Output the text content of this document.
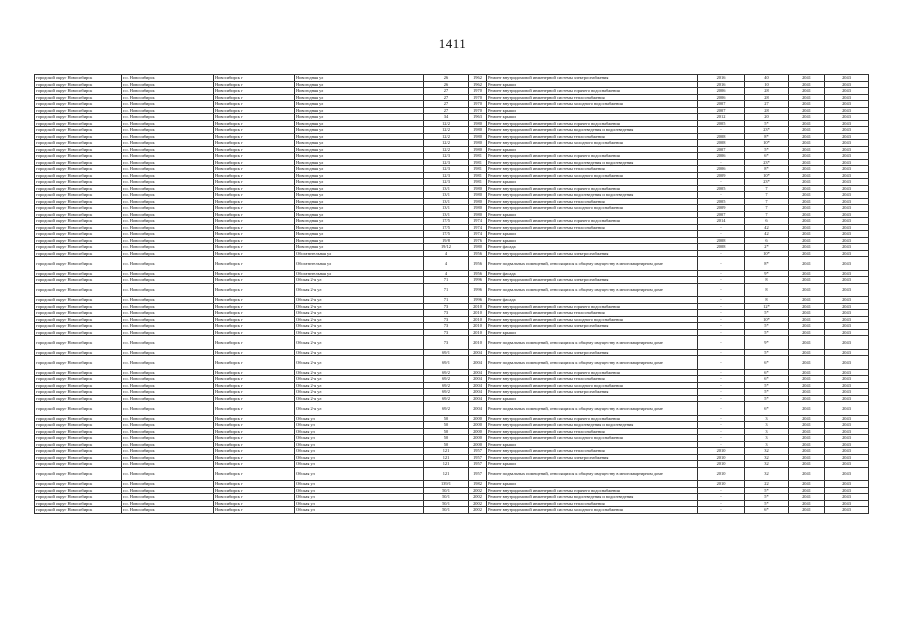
1411
городской округ Новосибирск	г.о. Новосибирск	Новосибирск г	Новогодняя ул	26	1962	Ремонт внутридомовой инженерной системы электроснабжения	2016	40	2041	2043
городской округ Новосибирск	г.о. Новосибирск	Новосибирск г	Новогодняя ул	26	1962	Ремонт крыши	2016	10	2041	2043
городской округ Новосибирск	г.о. Новосибирск	Новосибирск г	Новогодняя ул	27	1970	Ремонт внутридомовой инженерной системы горячего водоснабжения	2006	28	2041	2043
городской округ Новосибирск	г.о. Новосибирск	Новосибирск г	Новогодняя ул	27	1970	Ремонт внутридомовой инженерной системы теплоснабжения	2006	28	2041	2043
городской округ Новосибирск	г.о. Новосибирск	Новосибирск г	Новогодняя ул	27	1970	Ремонт внутридомовой инженерной системы холодного водоснабжения	2007	27	2041	2043
городской округ Новосибирск	г.о. Новосибирск	Новосибирск г	Новогодняя ул	27	1970	Ремонт крыши	2007	28	2041	2043
городской округ Новосибирск	г.о. Новосибирск	Новосибирск г	Новогодняя ул	34	1963	Ремонт крыши	2012	20	2041	2043
городской округ Новосибирск	г.о. Новосибирск	Новосибирск г	Новогодняя ул	12/2	1980	Ремонт внутридомовой инженерной системы горячего водоснабжения	2005	5*	2041	2043
городской округ Новосибирск	г.о. Новосибирск	Новосибирск г	Новогодняя ул	12/2	1980	Ремонт внутридомовой инженерной системы водоотведения и водоотведения	-	23*	2041	2043
городской округ Новосибирск	г.о. Новосибирск	Новосибирск г	Новогодняя ул	12/2	1980	Ремонт внутридомовой инженерной системы теплоснабжения	2008	8*	2041	2043
городской округ Новосибирск	г.о. Новосибирск	Новосибирск г	Новогодняя ул	12/2	1980	Ремонт внутридомовой инженерной системы холодного водоснабжения	2008	10*	2041	2043
городской округ Новосибирск	г.о. Новосибирск	Новосибирск г	Новогодняя ул	12/2	1980	Ремонт крыши	2007	5*	2041	2043
городской округ Новосибирск	г.о. Новосибирск	Новосибирск г	Новогодняя ул	12/3	1981	Ремонт внутридомовой инженерной системы горячего водоснабжения	2006	6*	2041	2043
городской округ Новосибирск	г.о. Новосибирск	Новосибирск г	Новогодняя ул	12/3	1981	Ремонт внутридомовой инженерной системы водоотведения и водоотведения	-	23*	2041	2043
городской округ Новосибирск	г.о. Новосибирск	Новосибирск г	Новогодняя ул	12/3	1981	Ремонт внутридомовой инженерной системы теплоснабжения	2006	8*	2041	2043
городской округ Новосибирск	г.о. Новосибирск	Новосибирск г	Новогодняя ул	12/3	1981	Ремонт внутридомовой инженерной системы холодного водоснабжения	2009	10*	2041	2043
городской округ Новосибирск	г.о. Новосибирск	Новосибирск г	Новогодняя ул	12/3	1981	Ремонт крыши	-	23*	2041	2043
городской округ Новосибирск	г.о. Новосибирск	Новосибирск г	Новогодняя ул	13/1	1980	Ремонт внутридомовой инженерной системы горячего водоснабжения	2005	7	2041	2043
городской округ Новосибирск	г.о. Новосибирск	Новосибирск г	Новогодняя ул	13/1	1980	Ремонт внутридомовой инженерной системы водоотведения и водоотведения	-	7	2041	2043
городской округ Новосибирск	г.о. Новосибирск	Новосибирск г	Новогодняя ул	13/1	1980	Ремонт внутридомовой инженерной системы теплоснабжения	2005	7	2041	2043
городской округ Новосибирск	г.о. Новосибирск	Новосибирск г	Новогодняя ул	13/1	1980	Ремонт внутридомовой инженерной системы холодного водоснабжения	2009	7	2041	2043
городской округ Новосибирск	г.о. Новосибирск	Новосибирск г	Новогодняя ул	13/1	1980	Ремонт крыши	2007	7	2041	2043
городской округ Новосибирск	г.о. Новосибирск	Новосибирск г	Новогодняя ул	17/5	1974	Ремонт внутридомовой инженерной системы горячего водоснабжения	2014	6	2041	2043
городской округ Новосибирск	г.о. Новосибирск	Новосибирск г	Новогодняя ул	17/5	1974	Ремонт внутридомовой инженерной системы теплоснабжения	-	42	2041	2043
городской округ Новосибирск	г.о. Новосибирск	Новосибирск г	Новогодняя ул	17/5	1974	Ремонт крыши	-	42	2041	2043
городской округ Новосибирск	г.о. Новосибирск	Новосибирск г	Новогодняя ул	19/8	1976	Ремонт крыши	2008	6	2041	2043
городской округ Новосибирск	г.о. Новосибирск	Новосибирск г	Новогодняя ул	19/12	1980	Ремонт фасада	2008	2*	2041	2043
городской округ Новосибирск	г.о. Новосибирск	Новосибирск г	Обогатительная ул	4	1956	Ремонт внутридомовой инженерной системы электроснабжения	-	10*	2041	2043
городской округ Новосибирск	г.о. Новосибирск	Новосибирск г	Обогатительная ул	4	1956	Ремонт подвальных помещений, относящихся к общему имуществу в многоквартирном доме	-	8*	2041	2043
городской округ Новосибирск	г.о. Новосибирск	Новосибирск г	Обогатительная ул	4	1956	Ремонт фасада	-	9*	2041	2043
городской округ Новосибирск	г.о. Новосибирск	Новосибирск г	Обская 2-я ул	71	1996	Ремонт внутридомовой инженерной системы электроснабжения	-	8	2041	2043
городской округ Новосибирск	г.о. Новосибирск	Новосибирск г	Обская 2-я ул	71	1996	Ремонт подвальных помещений, относящихся к общему имуществу в многоквартирном доме	-	8	2041	2043
городской округ Новосибирск	г.о. Новосибирск	Новосибирск г	Обская 2-я ул	71	1996	Ремонт фасада	-	8	2041	2043
городской округ Новосибирск	г.о. Новосибирск	Новосибирск г	Обская 2-я ул	73	2010	Ремонт внутридомовой инженерной системы горячего водоснабжения	-	12*	2041	2043
городской округ Новосибирск	г.о. Новосибирск	Новосибирск г	Обская 2-я ул	73	2010	Ремонт внутридомовой инженерной системы теплоснабжения	-	5*	2041	2043
городской округ Новосибирск	г.о. Новосибирск	Новосибирск г	Обская 2-я ул	73	2010	Ремонт внутридомовой инженерной системы холодного водоснабжения	-	10*	2041	2043
городской округ Новосибирск	г.о. Новосибирск	Новосибирск г	Обская 2-я ул	73	2010	Ремонт внутридомовой инженерной системы электроснабжения	-	5*	2041	2043
городской округ Новосибирск	г.о. Новосибирск	Новосибирск г	Обская 2-я ул	73	2010	Ремонт крыши	-	5*	2041	2043
городской округ Новосибирск	г.о. Новосибирск	Новосибирск г	Обская 2-я ул	73	2010	Ремонт подвальных помещений, относящихся к общему имуществу в многоквартирном доме	-	9*	2041	2043
городской округ Новосибирск	г.о. Новосибирск	Новосибирск г	Обская 2-я ул	69/1	2004	Ремонт внутридомовой инженерной системы электроснабжения	-	5*	2041	2043
городской округ Новосибирск	г.о. Новосибирск	Новосибирск г	Обская 2-я ул	69/1	2004	Ремонт подвальных помещений, относящихся к общему имуществу в многоквартирном доме	-	6*	2041	2043
городской округ Новосибирск	г.о. Новосибирск	Новосибирск г	Обская 2-я ул	69/2	2004	Ремонт внутридомовой инженерной системы горячего водоснабжения	-	6*	2041	2043
городской округ Новосибирск	г.о. Новосибирск	Новосибирск г	Обская 2-я ул	69/2	2004	Ремонт внутридомовой инженерной системы теплоснабжения	-	6*	2041	2043
городской округ Новосибирск	г.о. Новосибирск	Новосибирск г	Обская 2-я ул	69/2	2004	Ремонт внутридомовой инженерной системы холодного водоснабжения	-	5*	2041	2043
городской округ Новосибирск	г.о. Новосибирск	Новосибирск г	Обская 2-я ул	69/2	2004	Ремонт внутридомовой инженерной системы электроснабжения	-	5*	2041	2043
городской округ Новосибирск	г.о. Новосибирск	Новосибирск г	Обская 2-я ул	69/2	2004	Ремонт крыши	-	5*	2041	2043
городской округ Новосибирск	г.о. Новосибирск	Новосибирск г	Обская 2-я ул	69/2	2004	Ремонт подвальных помещений, относящихся к общему имуществу в многоквартирном доме	-	6*	2041	2043
городской округ Новосибирск	г.о. Новосибирск	Новосибирск г	Обская ул	50	2000	Ремонт внутридомовой инженерной системы горячего водоснабжения	-	3	2041	2043
городской округ Новосибирск	г.о. Новосибирск	Новосибирск г	Обская ул	50	2000	Ремонт внутридомовой инженерной системы водоотведения и водоотведения	-	3	2041	2043
городской округ Новосибирск	г.о. Новосибирск	Новосибирск г	Обская ул	50	2000	Ремонт внутридомовой инженерной системы теплоснабжения	-	3	2041	2043
городской округ Новосибирск	г.о. Новосибирск	Новосибирск г	Обская ул	50	2000	Ремонт внутридомовой инженерной системы холодного водоснабжения	-	3	2041	2043
городской округ Новосибирск	г.о. Новосибирск	Новосибирск г	Обская ул	50	2000	Ремонт крыши	-	3	2041	2043
городской округ Новосибирск	г.о. Новосибирск	Новосибирск г	Обская ул	121	1957	Ремонт внутридомовой инженерной системы теплоснабжения	2010	32	2041	2043
городской округ Новосибирск	г.о. Новосибирск	Новосибирск г	Обская ул	121	1957	Ремонт внутридомовой инженерной системы электроснабжения	2010	32	2041	2043
городской округ Новосибирск	г.о. Новосибирск	Новосибирск г	Обская ул	121	1957	Ремонт крыши	2010	32	2041	2043
городской округ Новосибирск	г.о. Новосибирск	Новосибирск г	Обская ул	121	1957	Ремонт подвальных помещений, относящихся к общему имуществу в многоквартирном доме	2010	32	2041	2043
городской округ Новосибирск	г.о. Новосибирск	Новосибирск г	Обская ул	139/1	1982	Ремонт крыши	2010	22	2041	2043
городской округ Новосибирск	г.о. Новосибирск	Новосибирск г	Обская ул	50/1	2002	Ремонт внутридомовой инженерной системы горячего водоснабжения	-	5*	2041	2043
городской округ Новосибирск	г.о. Новосибирск	Новосибирск г	Обская ул	50/1	2002	Ремонт внутридомовой инженерной системы водоотведения и водоотведения	-	5*	2041	2043
городской округ Новосибирск	г.о. Новосибирск	Новосибирск г	Обская ул	50/1	2002	Ремонт внутридомовой инженерной системы теплоснабжения	-	5*	2041	2043
городской округ Новосибирск	г.о. Новосибирск	Новосибирск г	Обская ул	50/1	2002	Ремонт внутридомовой инженерной системы холодного водоснабжения	-	6*	2041	2043
